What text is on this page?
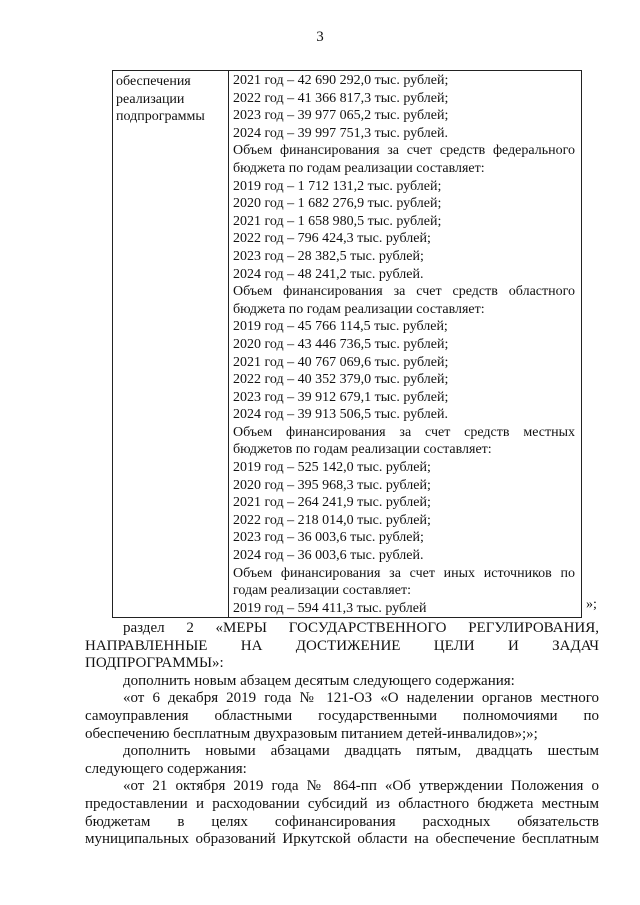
3
обеспечения
реализации
подпрограммы
2021 год – 42 690 292,0 тыс. рублей;
2022 год – 41 366 817,3 тыс. рублей;
2023 год – 39 977 065,2 тыс. рублей;
2024 год – 39 997 751,3 тыс. рублей.
Объем финансирования за счет средств федерального
бюджета по годам реализации составляет:
2019 год – 1 712 131,2 тыс. рублей;
2020 год – 1 682 276,9 тыс. рублей;
2021 год – 1 658 980,5 тыс. рублей;
2022 год – 796 424,3 тыс. рублей;
2023 год – 28 382,5 тыс. рублей;
2024 год – 48 241,2 тыс. рублей.
Объем финансирования за счет средств областного
бюджета по годам реализации составляет:
2019 год – 45 766 114,5 тыс. рублей;
2020 год – 43 446 736,5 тыс. рублей;
2021 год – 40 767 069,6 тыс. рублей;
2022 год – 40 352 379,0 тыс. рублей;
2023 год – 39 912 679,1 тыс. рублей;
2024 год – 39 913 506,5 тыс. рублей.
Объем финансирования за счет средств местных
бюджетов по годам реализации составляет:
2019 год – 525 142,0 тыс. рублей;
2020 год – 395 968,3 тыс. рублей;
2021 год – 264 241,9 тыс. рублей;
2022 год – 218 014,0 тыс. рублей;
2023 год – 36 003,6 тыс. рублей;
2024 год – 36 003,6 тыс. рублей.
Объем финансирования за счет иных источников по
годам реализации составляет:
2019 год – 594 411,3 тыс. рублей	»;
раздел 2 «МЕРЫ ГОСУДАРСТВЕННОГО РЕГУЛИРОВАНИЯ,
НАПРАВЛЕННЫЕ НА ДОСТИЖЕНИЕ ЦЕЛИ И ЗАДАЧ
ПОДПРОГРАММЫ»:
дополнить новым абзацем десятым следующего содержания:
«от 6 декабря 2019 года № 121-ОЗ «О наделении органов местного
самоуправления областными государственными полномочиями по
обеспечению бесплатным двухразовым питанием детей-инвалидов»;»;
дополнить новыми абзацами двадцать пятым, двадцать шестым
следующего содержания:
«от 21 октября 2019 года № 864-пп «Об утверждении Положения о
предоставлении и расходовании субсидий из областного бюджета местным
бюджетам в целях софинансирования расходных обязательств
муниципальных образований Иркутской области на обеспечение бесплатным
